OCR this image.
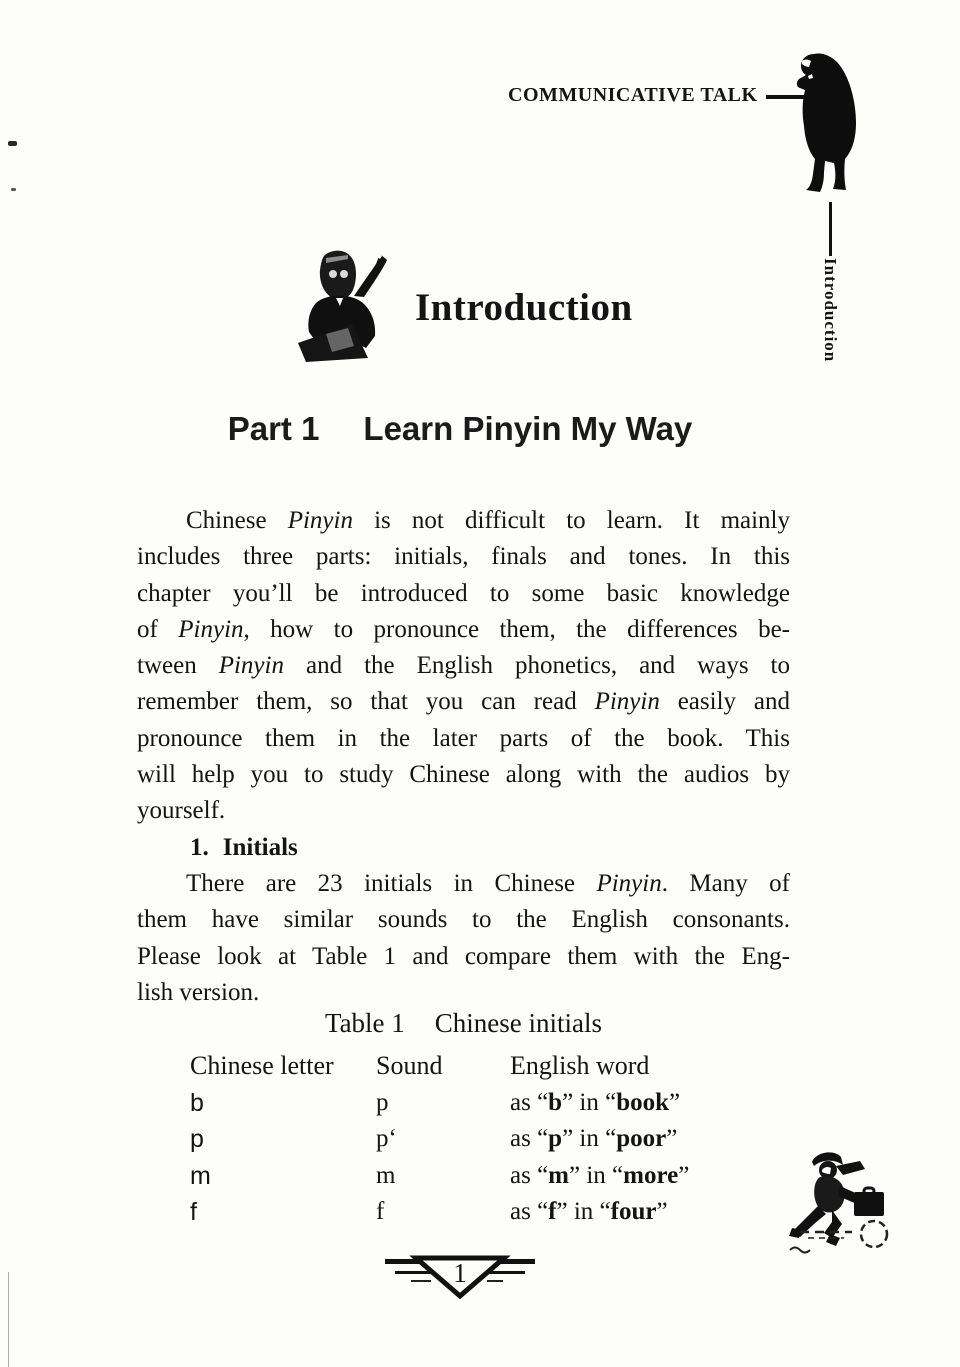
COMMUNICATIVE TALK
Introduction
Introduction
Part 1 Learn Pinyin My Way
Chinese Pinyin is not difficult to learn. It mainly
includes three parts: initials, finals and tones. In this
chapter you’ll be introduced to some basic knowledge
of Pinyin, how to pronounce them, the differences be-
tween Pinyin and the English phonetics, and ways to
remember them, so that you can read Pinyin easily and
pronounce them in the later parts of the book. This
will help you to study Chinese along with the audios by
yourself.
1. Initials
There are 23 initials in Chinese Pinyin. Many of
them have similar sounds to the English consonants.
Please look at Table 1 and compare them with the Eng-
lish version.
Table 1 Chinese initials
Chinese letter	Sound	English word
b	p	as “b” in “book”
p	p‘	as “p” in “poor”
m	m	as “m” in “more”
f	f	as “f” in “four”
1
